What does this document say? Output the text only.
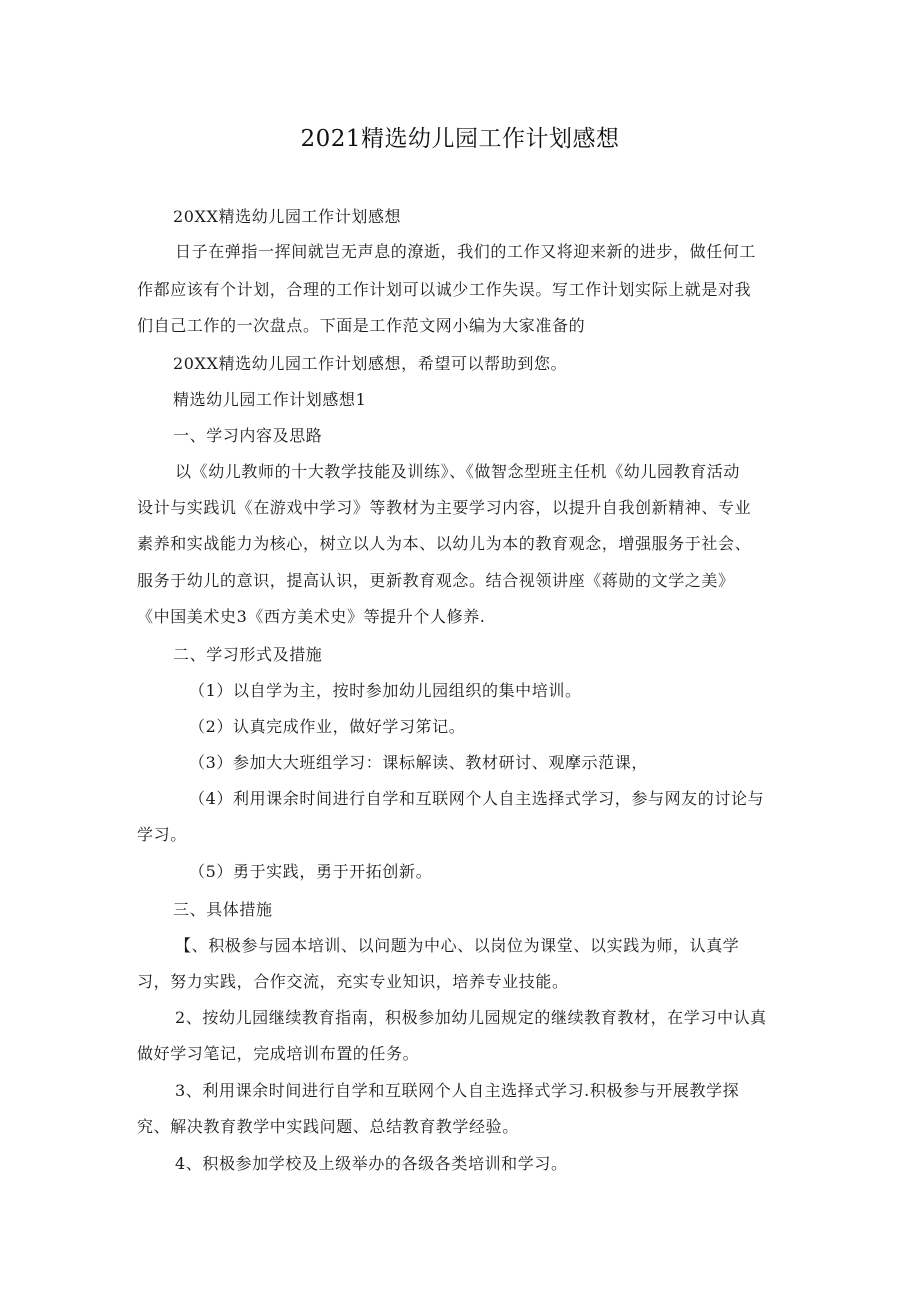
2021精选幼儿园工作计划感想
20XX精选幼儿园工作计划感想
日子在弹指一挥间就岂无声息的潦逝，我们的工作又将迎来新的进步，做任何工
作都应该有个计划，合理的工作计划可以诚少工作失误。写工作计划实际上就是对我
们自己工作的一次盘点。下面是工作范文网小编为大家准备的
20XX精选幼儿园工作计划感想，希望可以帮助到您。
精选幼儿园工作计划感想1
一、学习内容及思路
以《幼儿教师的十大教学技能及训练》、《做智念型班主任机《幼儿园教育活动
设计与实践讥《在游戏中学习》等教材为主要学习内容，以提升自我创新精神、专业
素养和实战能力为核心，树立以人为本、以幼儿为本的教育观念，增强服务于社会、
服务于幼儿的意识，提高认识，更新教育观念。结合视领讲座《蒋勋的文学之美》
《中国美术史3《西方美术史》等提升个人修养.
二、学习形式及措施
（1）以自学为主，按时参加幼儿园组织的集中培训。
（2）认真完成作业，做好学习笫记。
（3）参加大大班组学习：课标解读、教材研讨、观摩示范课，
（4）利用课余时间进行自学和互联网个人自主选择式学习，参与网友的讨论与
学习。
（5）勇于实践，勇于开拓创新。
三、具体措施
【、积极参与园本培训、以问题为中心、以岗位为课堂、以实践为师，认真学
习，努力实践，合作交流，充实专业知识，培养专业技能。
2、按幼儿园继续教育指南，积极参加幼儿园规定的继续教育教材，在学习中认真
做好学习笔记，完成培训布置的任务。
3、利用课余时间进行自学和互联网个人自主选择式学习.积极参与开展教学探
究、解决教育教学中实践问题、总结教育教学经验。
4、积极参加学校及上级举办的各级各类培训和学习。
